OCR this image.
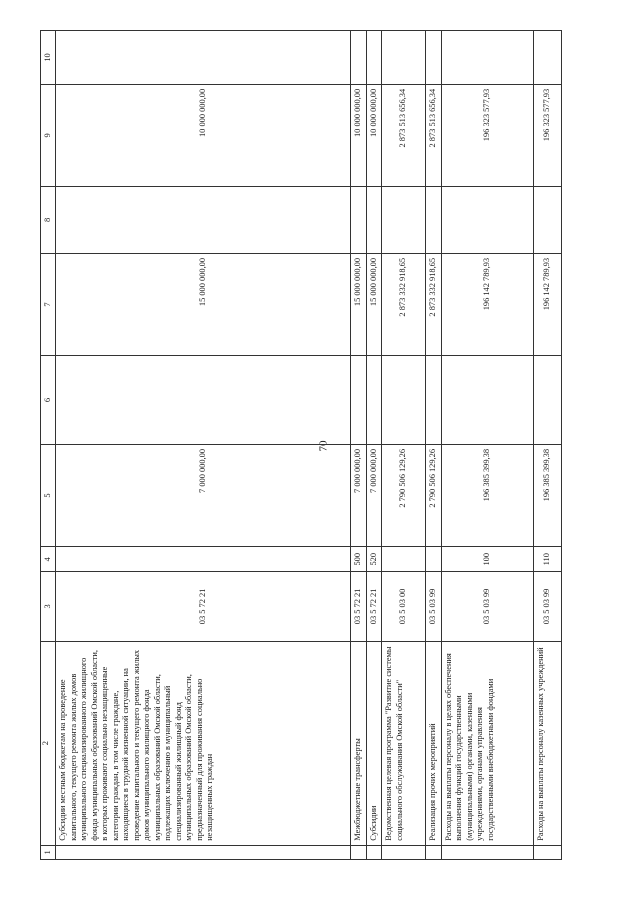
70
1	2	3	4	5	6	7	8	9	10
	Субсидии местным бюджетам на проведение капитального, текущего ремонта жилых домов муниципального специализированного жилищного фонда муниципальных образований Омской области, в которых проживают социально незащищенные категории граждан, в том числе граждане, находящиеся в трудной жизненной ситуации, на проведение капитального и текущего ремонта жилых домов муниципального жилищного фонда муниципальных образований Омской области, подлежащих включению в муниципальный специализированный жилищный фонд муниципальных образований Омской области, предназначенный для проживания социально незащищенных граждан	03 5 72 21		7 000 000,00		15 000 000,00		10 000 000,00	
	Межбюджетные трансферты	03 5 72 21	500	7 000 000,00		15 000 000,00		10 000 000,00	
	Субсидии	03 5 72 21	520	7 000 000,00		15 000 000,00		10 000 000,00	
	Ведомственная целевая программа "Развитие системы социального обслуживания Омской области"	03 5 03 00		2 790 506 129,26		2 873 332 918,65		2 873 513 656,34	
	Реализация прочих мероприятий	03 5 03 99		2 790 506 129,26		2 873 332 918,65		2 873 513 656,34	
	Расходы на выплаты персоналу в целях обеспечения выполнения функций государственными (муниципальными) органами, казенными учреждениями, органами управления государственными внебюджетными фондами	03 5 03 99	100	196 385 399,38		196 142 789,93		196 323 577,93	
	Расходы на выплаты персоналу казенных учреждений	03 5 03 99	110	196 385 399,38		196 142 789,93		196 323 577,93	
